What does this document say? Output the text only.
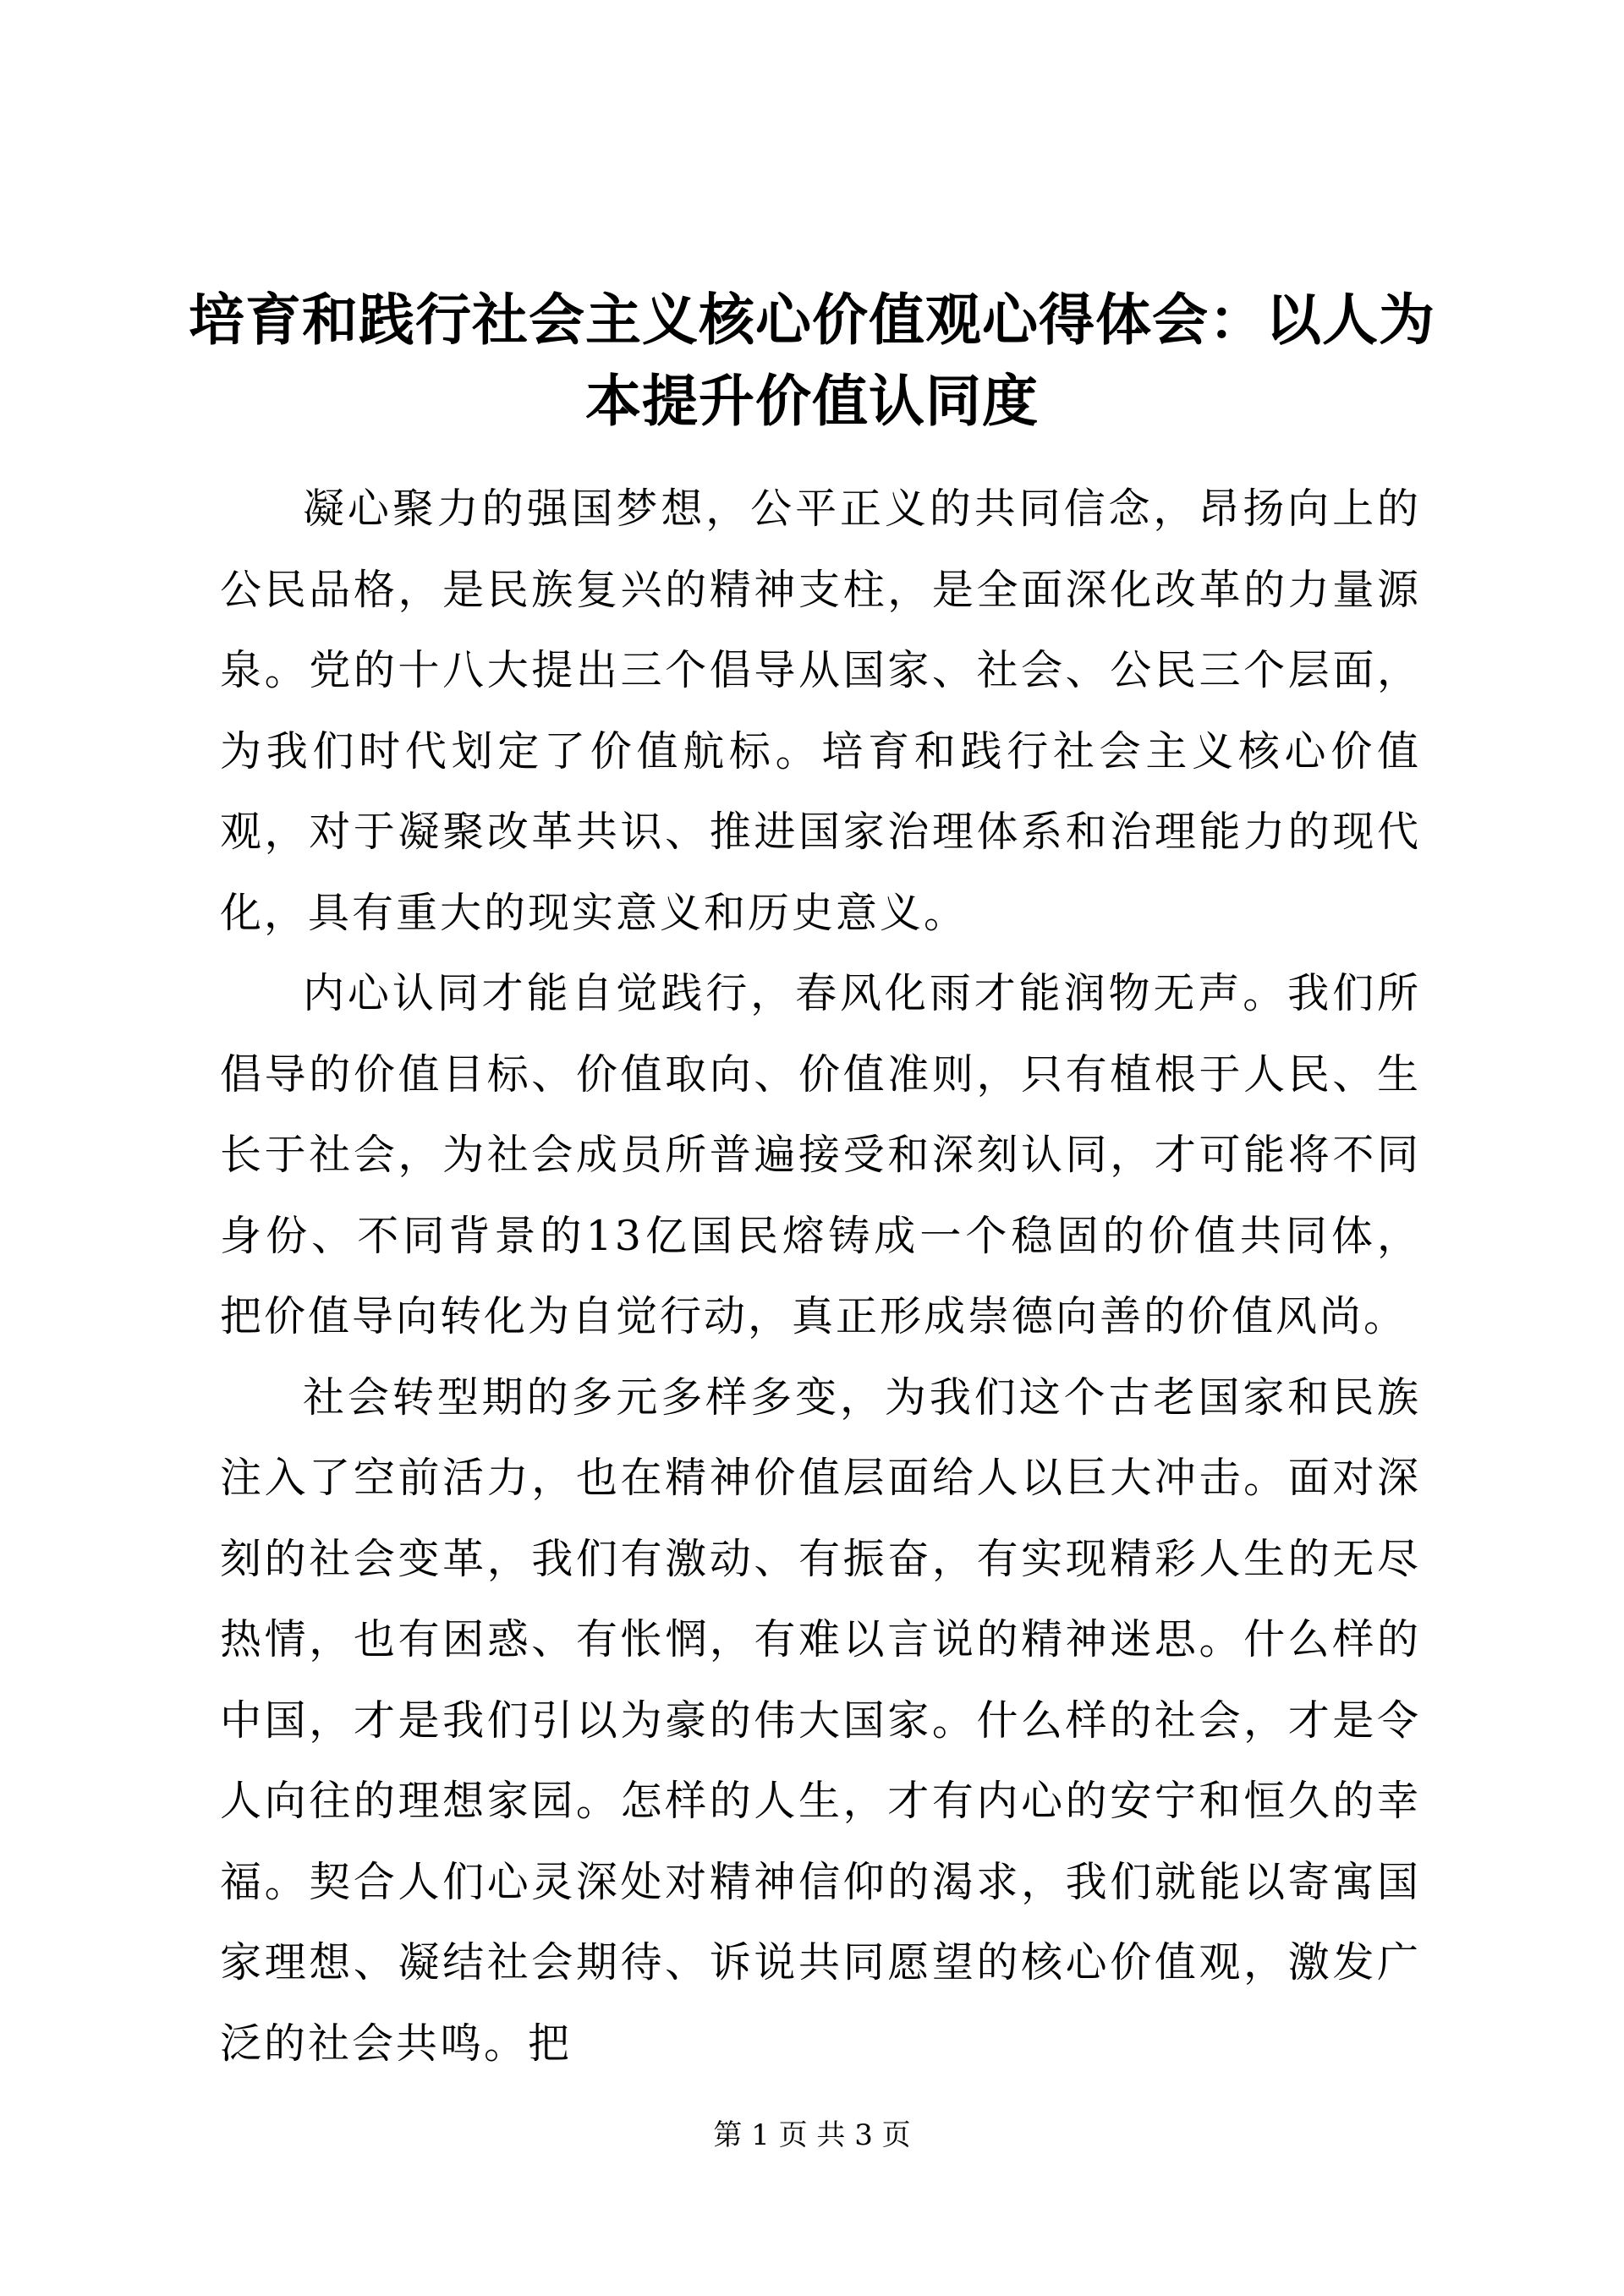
培育和践行社会主义核心价值观心得体会：以人为本提升价值认同度

凝心聚力的强国梦想，公平正义的共同信念，昂扬向上的公民品格，是民族复兴的精神支柱，是全面深化改革的力量源泉。党的十八大提出三个倡导从国家、社会、公民三个层面，为我们时代划定了价值航标。培育和践行社会主义核心价值观，对于凝聚改革共识、推进国家治理体系和治理能力的现代化，具有重大的现实意义和历史意义。

内心认同才能自觉践行，春风化雨才能润物无声。我们所倡导的价值目标、价值取向、价值准则，只有植根于人民、生长于社会，为社会成员所普遍接受和深刻认同，才可能将不同身份、不同背景的13亿国民熔铸成一个稳固的价值共同体，把价值导向转化为自觉行动，真正形成崇德向善的价值风尚。

社会转型期的多元多样多变，为我们这个古老国家和民族注入了空前活力，也在精神价值层面给人以巨大冲击。面对深刻的社会变革，我们有激动、有振奋，有实现精彩人生的无尽热情，也有困惑、有怅惘，有难以言说的精神迷思。什么样的中国，才是我们引以为豪的伟大国家。什么样的社会，才是令人向往的理想家园。怎样的人生，才有内心的安宁和恒久的幸福。契合人们心灵深处对精神信仰的渴求，我们就能以寄寓国家理想、凝结社会期待、诉说共同愿望的核心价值观，激发广泛的社会共鸣。把

第 1 页 共 3 页
